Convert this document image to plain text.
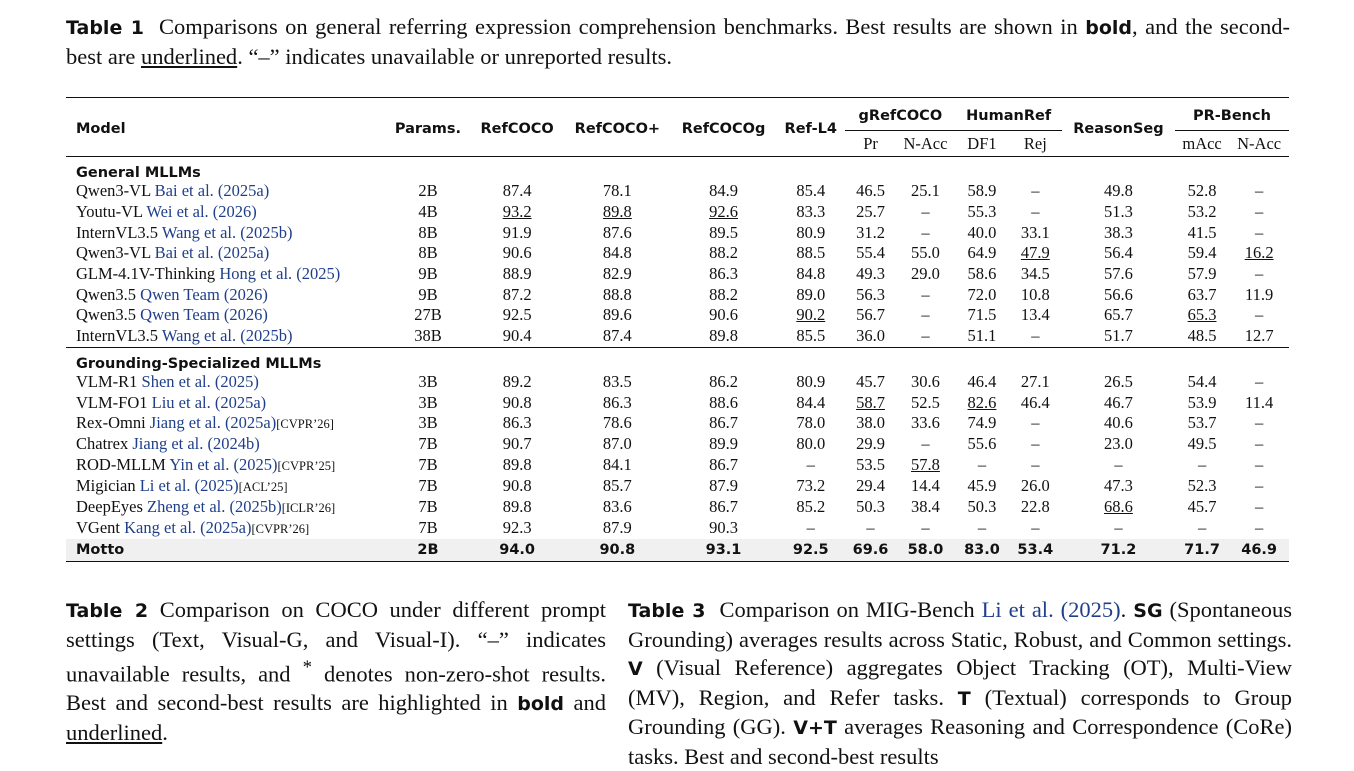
Table 1 Comparisons on general referring expression comprehension benchmarks. Best results are shown in bold, and the second-best are underlined. “–” indicates unavailable or unreported results.
Model	Params.	RefCOCO	RefCOCO+	RefCOCOg	Ref-L4	gRefCOCO		HumanRef		ReasonSeg	PR-Bench	
						Pr	N-Acc	DF1	Rej		mAcc	N-Acc
General MLLMs												
Qwen3-VL Bai et al. (2025a)	2B	87.4	78.1	84.9	85.4	46.5	25.1	58.9	–	49.8	52.8	–
Youtu-VL Wei et al. (2026)	4B	93.2	89.8	92.6	83.3	25.7	–	55.3	–	51.3	53.2	–
InternVL3.5 Wang et al. (2025b)	8B	91.9	87.6	89.5	80.9	31.2	–	40.0	33.1	38.3	41.5	–
Qwen3-VL Bai et al. (2025a)	8B	90.6	84.8	88.2	88.5	55.4	55.0	64.9	47.9	56.4	59.4	16.2
GLM-4.1V-Thinking Hong et al. (2025)	9B	88.9	82.9	86.3	84.8	49.3	29.0	58.6	34.5	57.6	57.9	–
Qwen3.5 Qwen Team (2026)	9B	87.2	88.8	88.2	89.0	56.3	–	72.0	10.8	56.6	63.7	11.9
Qwen3.5 Qwen Team (2026)	27B	92.5	89.6	90.6	90.2	56.7	–	71.5	13.4	65.7	65.3	–
InternVL3.5 Wang et al. (2025b)	38B	90.4	87.4	89.8	85.5	36.0	–	51.1	–	51.7	48.5	12.7
Grounding-Specialized MLLMs												
VLM-R1 Shen et al. (2025)	3B	89.2	83.5	86.2	80.9	45.7	30.6	46.4	27.1	26.5	54.4	–
VLM-FO1 Liu et al. (2025a)	3B	90.8	86.3	88.6	84.4	58.7	52.5	82.6	46.4	46.7	53.9	11.4
Rex-Omni Jiang et al. (2025a)[CVPR’26]	3B	86.3	78.6	86.7	78.0	38.0	33.6	74.9	–	40.6	53.7	–
Chatrex Jiang et al. (2024b)	7B	90.7	87.0	89.9	80.0	29.9	–	55.6	–	23.0	49.5	–
ROD-MLLM Yin et al. (2025)[CVPR’25]	7B	89.8	84.1	86.7	–	53.5	57.8	–	–	–	–	–
Migician Li et al. (2025)[ACL’25]	7B	90.8	85.7	87.9	73.2	29.4	14.4	45.9	26.0	47.3	52.3	–
DeepEyes Zheng et al. (2025b)[ICLR’26]	7B	89.8	83.6	86.7	85.2	50.3	38.4	50.3	22.8	68.6	45.7	–
VGent Kang et al. (2025a)[CVPR’26]	7B	92.3	87.9	90.3	–	–	–	–	–	–	–	–
Motto	2B	94.0	90.8	93.1	92.5	69.6	58.0	83.0	53.4	71.2	71.7	46.9
Table 2 Comparison on COCO under different prompt settings (Text, Visual-G, and Visual-I). “–” indicates unavailable results, and * denotes non-zero-shot results. Best and second-best results are highlighted in bold and underlined.
Table 3 Comparison on MIG-Bench Li et al. (2025). SG (Spontaneous Grounding) averages results across Static, Robust, and Common settings. V (Visual Reference) aggregates Object Tracking (OT), Multi-View (MV), Region, and Refer tasks. T (Textual) corresponds to Group Grounding (GG). V+T averages Reasoning and Correspondence (CoRe) tasks. Best and second-best results
